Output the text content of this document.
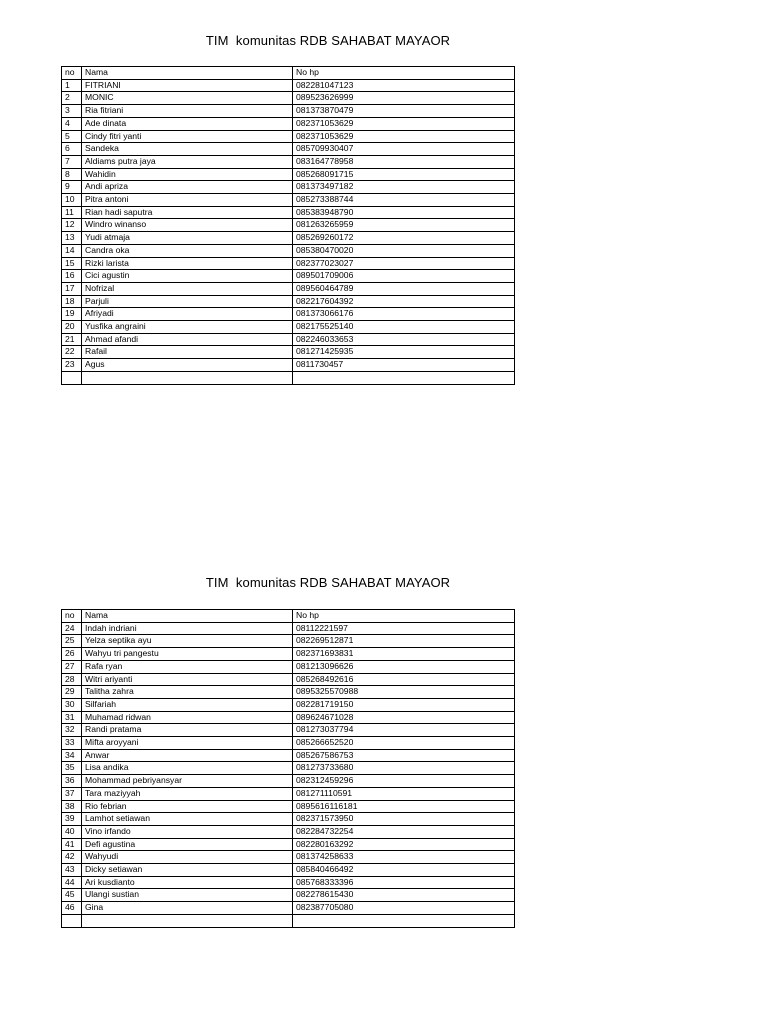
TIM  komunitas RDB SAHABAT MAYAOR
no	Nama	No hp
1	FITRIANI	082281047123
2	MONIC	089523626999
3	Ria fitriani	081373870479
4	Ade dinata	082371053629
5	Cindy fitri yanti	082371053629
6	Sandeka	085709930407
7	Aldiams putra jaya	083164778958
8	Wahidin	085268091715
9	Andi apriza	081373497182
10	Pitra antoni	085273388744
11	Rian hadi saputra	085383948790
12	Windro winanso	081263265959
13	Yudi atmaja	085269260172
14	Candra oka	085380470020
15	Rizki larista	082377023027
16	Cici agustin	089501709006
17	Nofrizal	089560464789
18	Parjuli	082217604392
19	Afriyadi	081373066176
20	Yusfika angraini	082175525140
21	Ahmad afandi	082246033653
22	Rafail	081271425935
23	Agus	0811730457

TIM  komunitas RDB SAHABAT MAYAOR
no	Nama	No hp
24	Indah indriani	08112221597
25	Yelza septika ayu	082269512871
26	Wahyu tri pangestu	082371693831
27	Rafa ryan	081213096626
28	Witri ariyanti	085268492616
29	Talitha zahra	0895325570988
30	Silfariah	082281719150
31	Muhamad ridwan	089624671028
32	Randi pratama	081273037794
33	Mifta aroyyani	085266652520
34	Anwar	085267586753
35	Lisa andika	081273733680
36	Mohammad pebriyansyar	082312459296
37	Tara maziyyah	081271110591
38	Rio febrian	0895616116181
39	Lamhot setiawan	082371573950
40	Vino irfando	082284732254
41	Defi agustina	082280163292
42	Wahyudi	081374258633
43	Dicky setiawan	085840466492
44	Ari kusdianto	085768333396
45	Ulangi sustian	082278615430
46	Gina	082387705080
